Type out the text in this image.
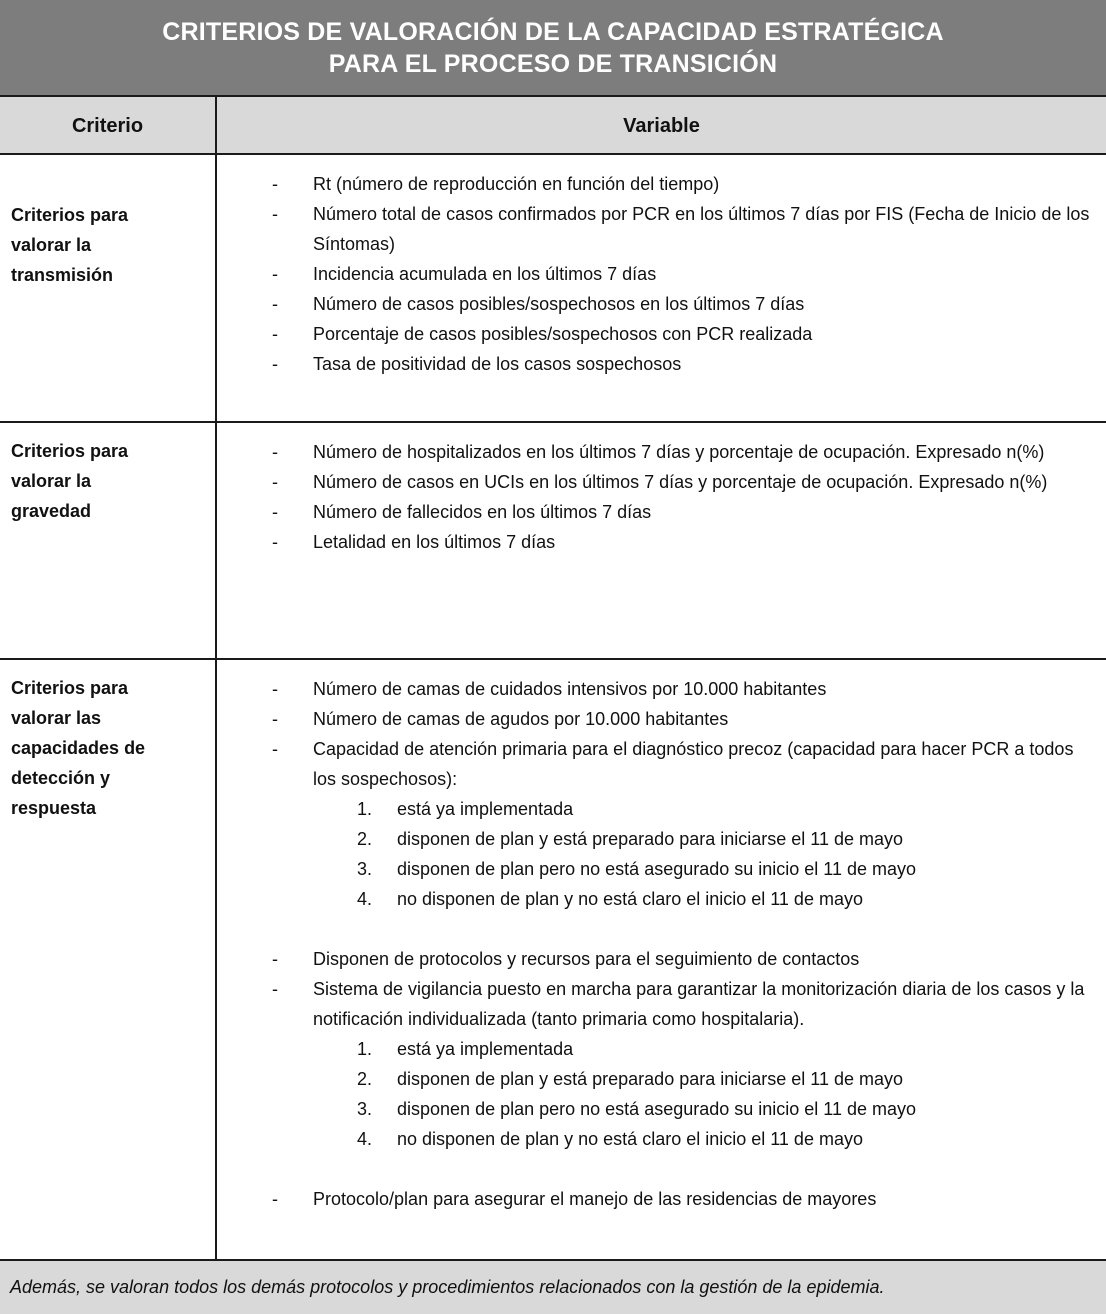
CRITERIOS DE VALORACIÓN DE LA CAPACIDAD ESTRATÉGICA
PARA EL PROCESO DE TRANSICIÓN
Criterio	Variable
Criterios para
valorar la
transmisión
- Rt (número de reproducción en función del tiempo)
- Número total de casos confirmados por PCR en los últimos 7 días por FIS (Fecha de Inicio de los Síntomas)
- Incidencia acumulada en los últimos 7 días
- Número de casos posibles/sospechosos en los últimos 7 días
- Porcentaje de casos posibles/sospechosos con PCR realizada
- Tasa de positividad de los casos sospechosos
Criterios para
valorar la
gravedad
- Número de hospitalizados en los últimos 7 días y porcentaje de ocupación. Expresado n(%)
- Número de casos en UCIs en los últimos 7 días y porcentaje de ocupación. Expresado n(%)
- Número de fallecidos en los últimos 7 días
- Letalidad en los últimos 7 días
Criterios para
valorar las
capacidades de
detección y
respuesta
- Número de camas de cuidados intensivos por 10.000 habitantes
- Número de camas de agudos por 10.000 habitantes
- Capacidad de atención primaria para el diagnóstico precoz (capacidad para hacer PCR a todos los sospechosos):
1. está ya implementada
2. disponen de plan y está preparado para iniciarse el 11 de mayo
3. disponen de plan pero no está asegurado su inicio el 11 de mayo
4. no disponen de plan y no está claro el inicio el 11 de mayo
- Disponen de protocolos y recursos para el seguimiento de contactos
- Sistema de vigilancia puesto en marcha para garantizar la monitorización diaria de los casos y la notificación individualizada (tanto primaria como hospitalaria).
1. está ya implementada
2. disponen de plan y está preparado para iniciarse el 11 de mayo
3. disponen de plan pero no está asegurado su inicio el 11 de mayo
4. no disponen de plan y no está claro el inicio el 11 de mayo
- Protocolo/plan para asegurar el manejo de las residencias de mayores
Además, se valoran todos los demás protocolos y procedimientos relacionados con la gestión de la epidemia.
